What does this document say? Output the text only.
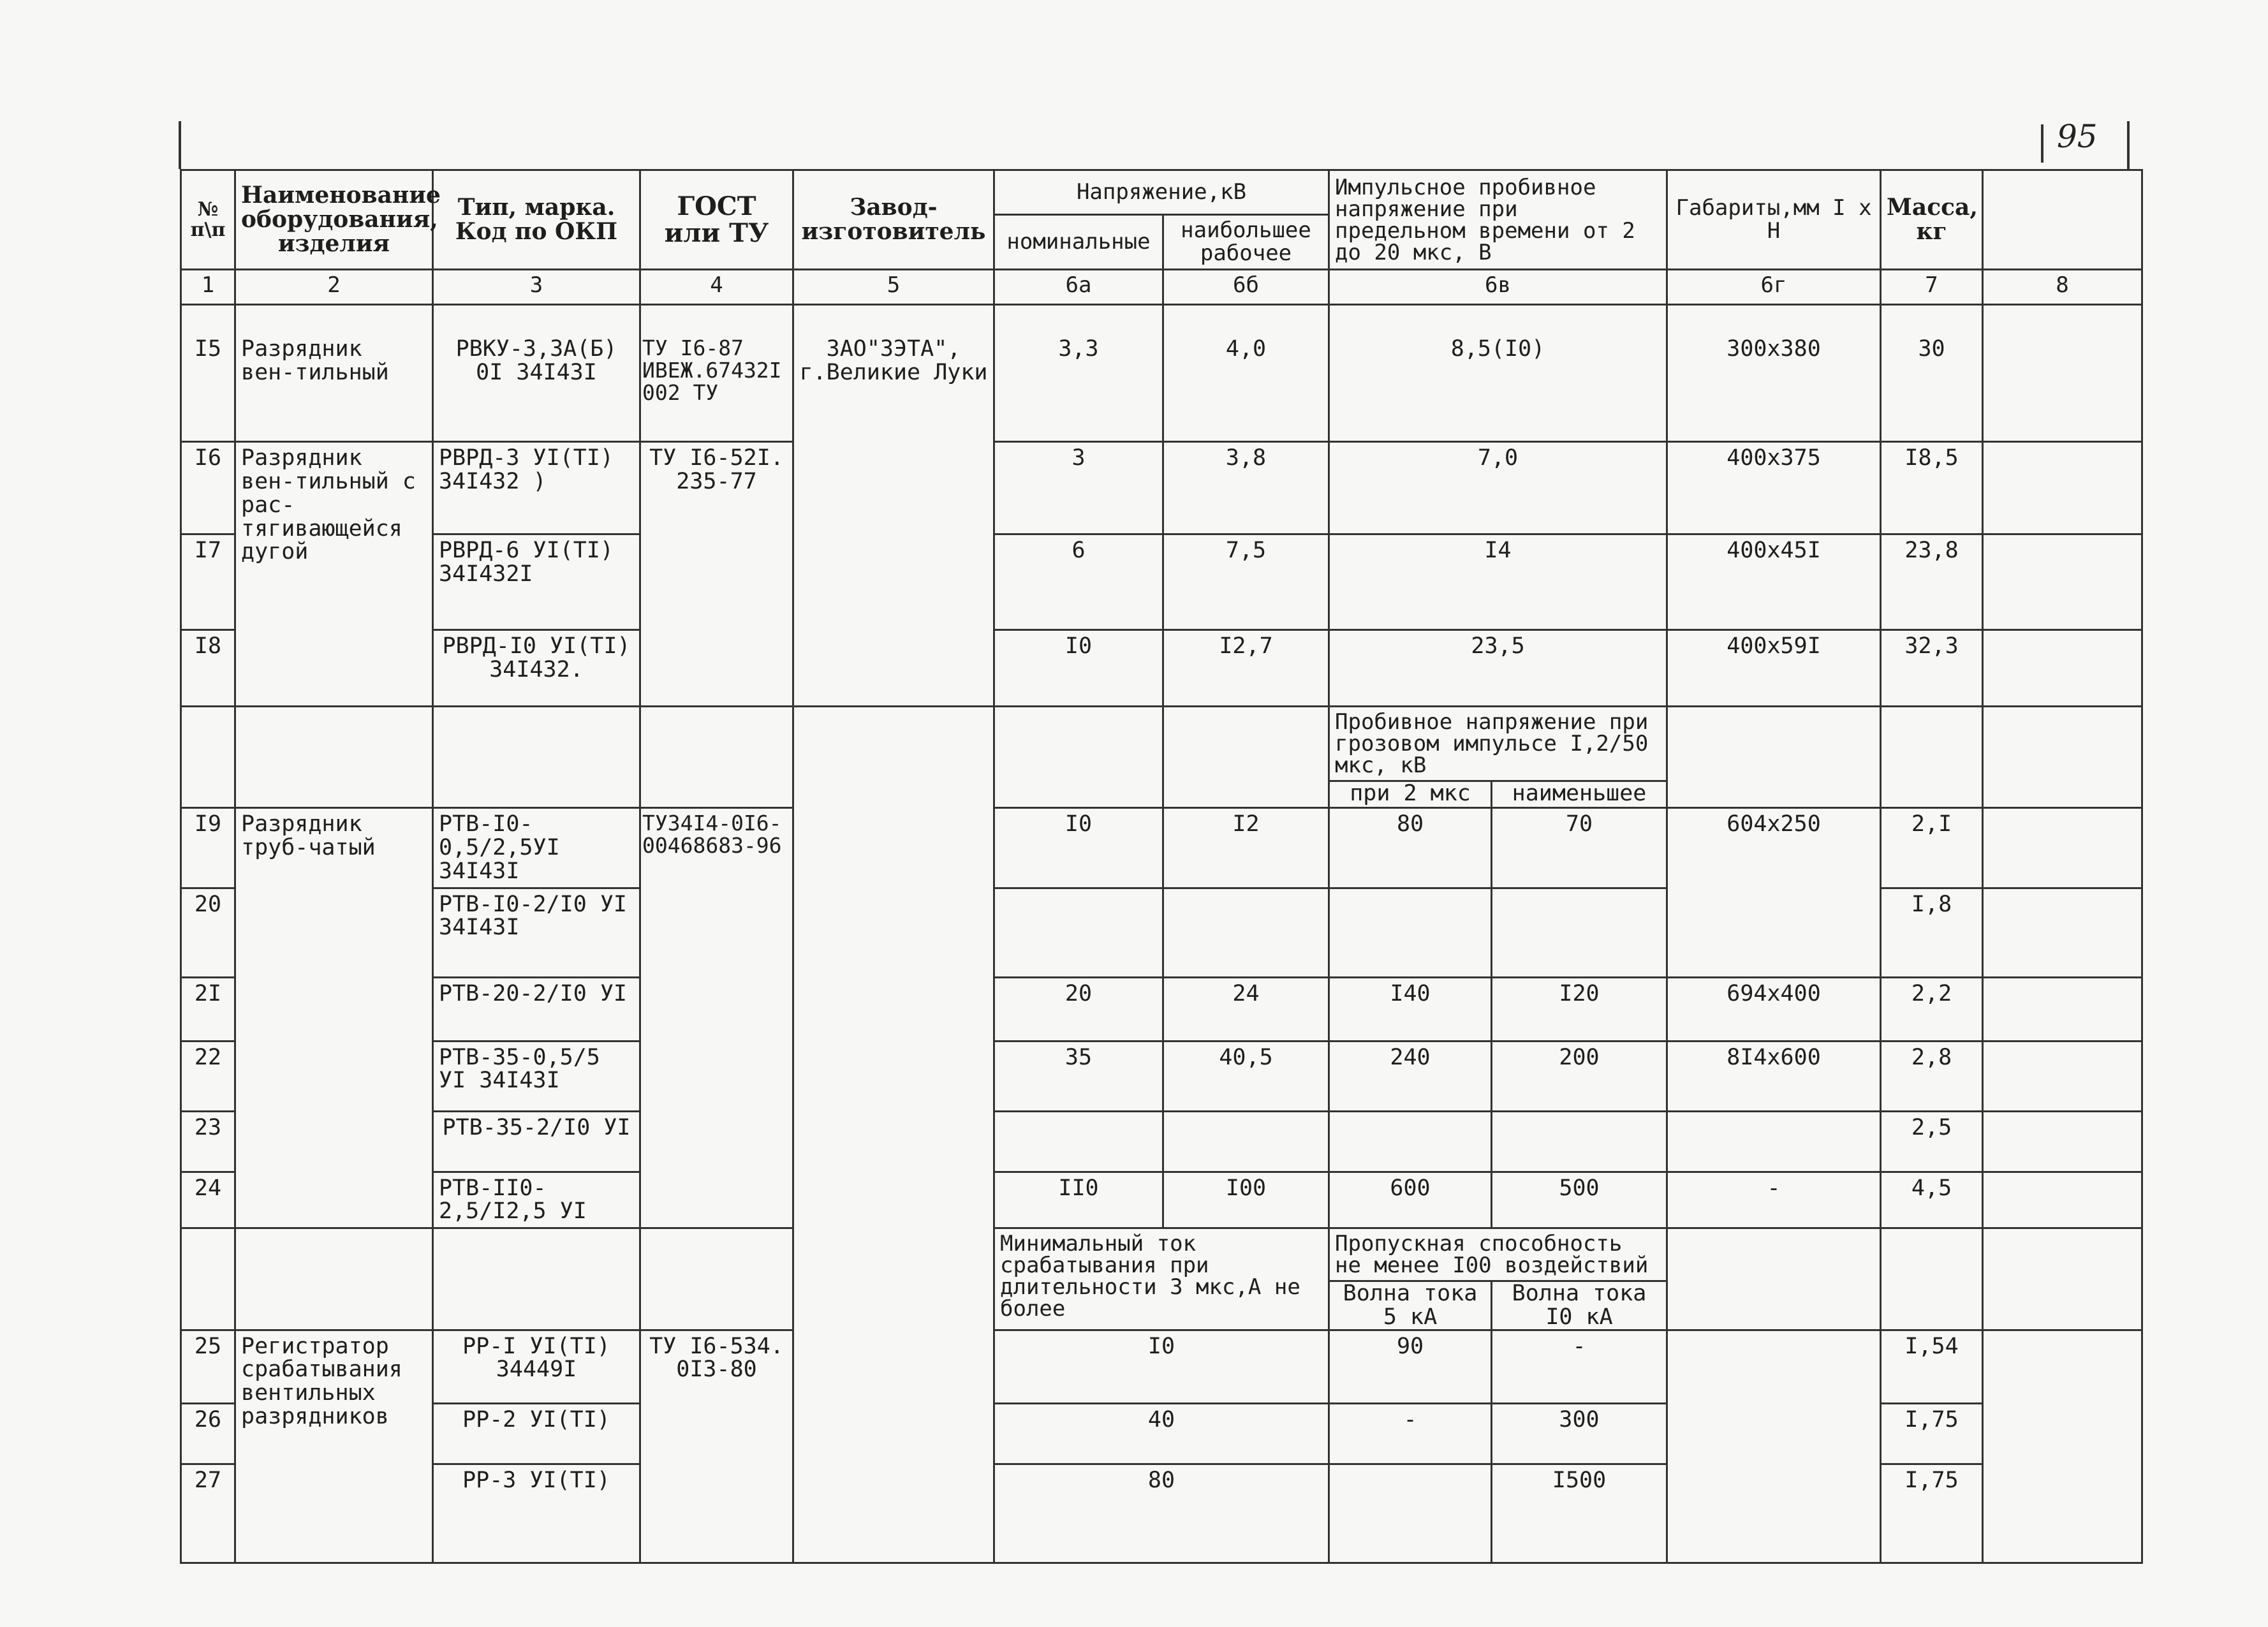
95
№ п\п	Наименование оборудования, изделия	Тип, марка. Код по ОКП	ГОСТ или ТУ	Завод-изготовитель	Напряжение,кВ		Импульсное пробивное напряжение при предельном времени от 2 до 20 мкс, В		Габариты,мм I x H	Масса, кг	
					номинальные	наибольшее рабочее					
1	2	3	4	5	6а	6б	6в		6г	7	8
I5	Разрядник вен-тильный	РВКУ-3,3А(Б) 0I 34I43I	ТУ I6-87 ИВЕЖ.67432I 002 ТУ	ЗАО"ЗЭТА", г.Великие Луки	3,3	4,0	8,5(I0)		300x380	30	
I6	Разрядник вен-тильный с рас-тягивающейся дугой	РВРД-3 УI(ТI) 34I432 )	ТУ I6-52I. 235-77		3	3,8	7,0		400x375	I8,5	
I7		РВРД-6 УI(ТI) 34I432I			6	7,5	I4		400x45I	23,8	
I8		РВРД-I0 УI(ТI) 34I432.			I0	I2,7	23,5		400x59I	32,3	
							Пробивное напряжение при грозовом импульсе I,2/50 мкс, кВ				
							при 2 мкс	наименьшее			
I9	Разрядник труб-чатый	РТВ-I0-0,5/2,5УI 34I43I	ТУ34I4-0I6-00468683-96		I0	I2	80	70	604x250	2,I	
20		РТВ-I0-2/I0 УI 34I43I								I,8	
2I		РТВ-20-2/I0 УI			20	24	I40	I20	694x400	2,2	
22		РТВ-35-0,5/5 УI 34I43I			35	40,5	240	200	8I4x600	2,8	
23		РТВ-35-2/I0 УI								2,5	
24		РТВ-II0-2,5/I2,5 УI			II0	I00	600	500	-	4,5	
					Минимальный ток срабатывания при длительности 3 мкс,А не более		Пропускная способность не менее I00 воздействий				
							Волна тока 5 кА	Волна тока I0 кА			
25	Регистратор срабатывания вентильных разрядников	РР-I УI(ТI) 34449I	ТУ I6-534. 0I3-80		I0		90	-		I,54	
26		РР-2 УI(ТI)			40		-	300		I,75	
27		РР-3 УI(ТI)			80			I500		I,75	
